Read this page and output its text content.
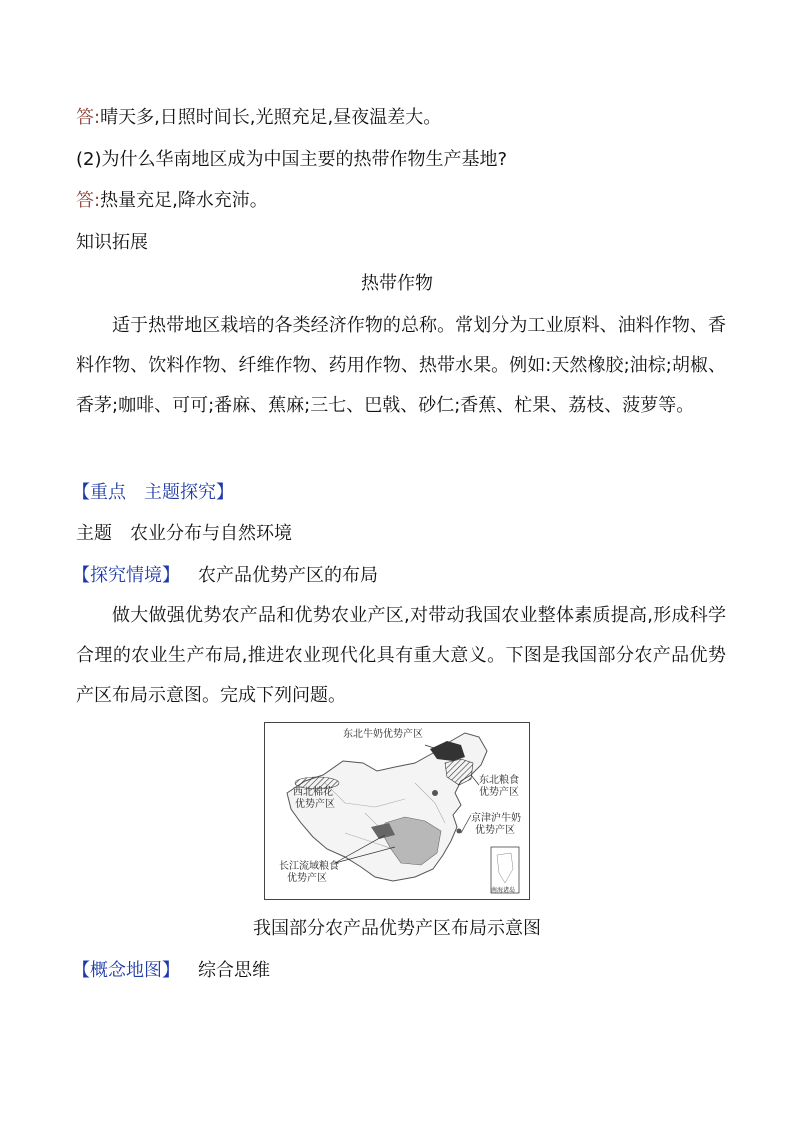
答:晴天多,日照时间长,光照充足,昼夜温差大。
(2)为什么华南地区成为中国主要的热带作物生产基地?
答:热量充足,降水充沛。
知识拓展
热带作物
适于热带地区栽培的各类经济作物的总称。常划分为工业原料、油料作物、香料作物、饮料作物、纤维作物、药用作物、热带水果。例如:天然橡胶;油棕;胡椒、香茅;咖啡、可可;番麻、蕉麻;三七、巴戟、砂仁;香蕉、杧果、荔枝、菠萝等。
【重点　主题探究】
主题 农业分布与自然环境
【探究情境】 农产品优势产区的布局
做大做强优势农产品和优势农业产区,对带动我国农业整体素质提高,形成科学合理的农业生产布局,推进农业现代化具有重大意义。下图是我国部分农产品优势产区布局示意图。完成下列问题。
东北牛奶优势产区
东北粮食
优势产区
西北棉花
优势产区
京津沪牛奶
优势产区
长江流域粮食
优势产区
南海诸岛
我国部分农产品优势产区布局示意图
【概念地图】 综合思维
